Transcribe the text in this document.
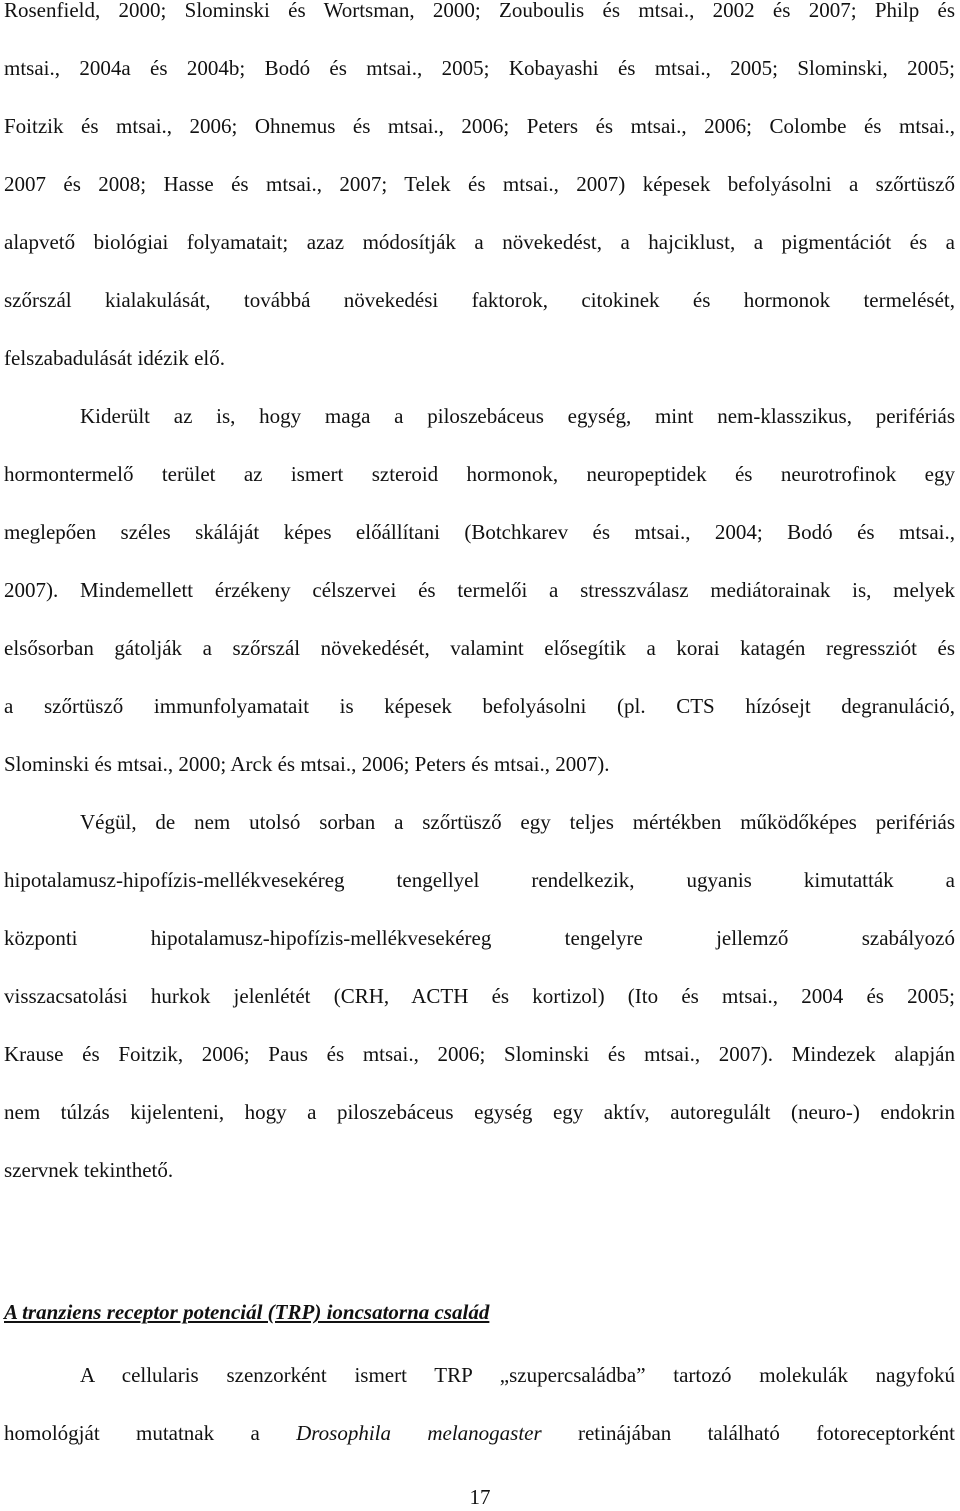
Rosenfield, 2000; Slominski és Wortsman, 2000; Zouboulis és mtsai., 2002 és 2007; Philp és
mtsai., 2004a és 2004b; Bodó és mtsai., 2005; Kobayashi és mtsai., 2005; Slominski, 2005;
Foitzik és mtsai., 2006; Ohnemus és mtsai., 2006; Peters és mtsai., 2006; Colombe és mtsai.,
2007 és 2008; Hasse és mtsai., 2007; Telek és mtsai., 2007) képesek befolyásolni a szőrtüsző
alapvető biológiai folyamatait; azaz módosítják a növekedést, a hajciklust, a pigmentációt és a
szőrszál kialakulását, továbbá növekedési faktorok, citokinek és hormonok termelését,
felszabadulását idézik elő.
Kiderült az is, hogy maga a piloszebáceus egység, mint nem-klasszikus, perifériás
hormontermelő terület az ismert szteroid hormonok, neuropeptidek és neurotrofinok egy
meglepően széles skáláját képes előállítani (Botchkarev és mtsai., 2004; Bodó és mtsai.,
2007). Mindemellett érzékeny célszervei és termelői a stresszválasz mediátorainak is, melyek
elsősorban gátolják a szőrszál növekedését, valamint elősegítik a korai katagén regressziót és
a szőrtüsző immunfolyamatait is képesek befolyásolni (pl. CTS hízósejt degranuláció,
Slominski és mtsai., 2000; Arck és mtsai., 2006; Peters és mtsai., 2007).
Végül, de nem utolsó sorban a szőrtüsző egy teljes mértékben működőképes perifériás
hipotalamusz-hipofízis-mellékvesekéreg tengellyel rendelkezik, ugyanis kimutatták a
központi hipotalamusz-hipofízis-mellékvesekéreg tengelyre jellemző szabályozó
visszacsatolási hurkok jelenlétét (CRH, ACTH és kortizol) (Ito és mtsai., 2004 és 2005;
Krause és Foitzik, 2006; Paus és mtsai., 2006; Slominski és mtsai., 2007). Mindezek alapján
nem túlzás kijelenteni, hogy a piloszebáceus egység egy aktív, autoregulált (neuro-) endokrin
szervnek tekinthető.
A tranziens receptor potenciál (TRP) ioncsatorna család
A cellularis szenzorként ismert TRP „szupercsaládba” tartozó molekulák nagyfokú
homológját mutatnak a Drosophila melanogaster retinájában található fotoreceptorként
17
